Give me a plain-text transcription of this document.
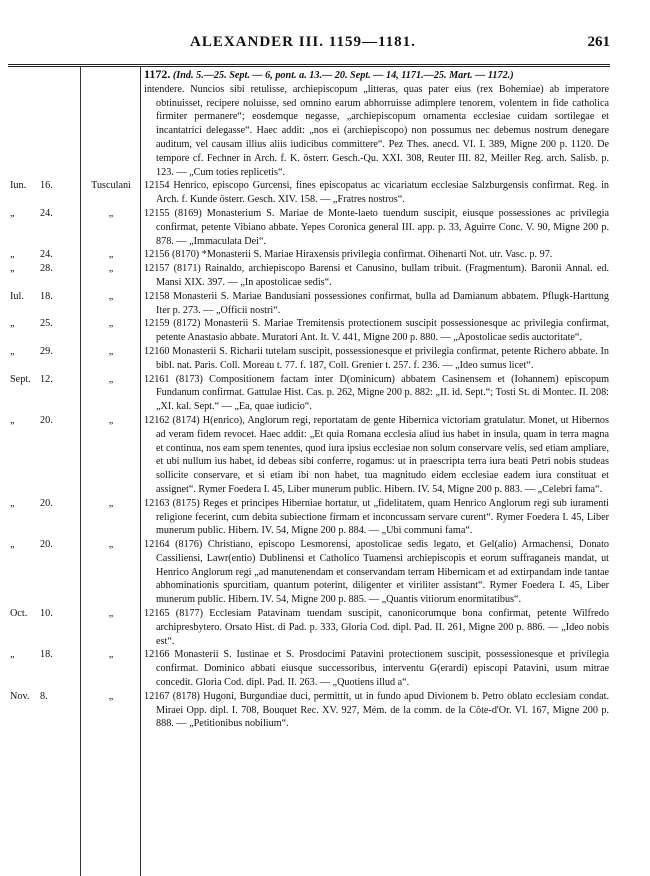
ALEXANDER III. 1159—1181.	261
1172. (Ind. 5.—25. Sept. — 6, pont. a. 13.— 20. Sept. — 14, 1171.—25. Mart. — 1172.)
intendere. Nuncios sibi retulisse, archiepiscopum „litteras, quas pater eius (rex Bohemiae) ab imperatore obtinuisset, recipere noluisse, sed omnino earum abhorruisse adimplere tenorem, volentem in fide catholica firmiter permanere“; eosdemque negasse, „archiepiscopum ornamenta ecclesiae cuidam sortilegae et incantatrici delegasse“. Haec addit: „nos ei (archiepiscopo) non possumus nec debemus nostrum denegare auditum, vel causam illius aliis iudicibus committere“. Pez Thes. anecd. VI. I. 389, Migne 200 p. 1120. De tempore cf. Fechner in Arch. f. K. österr. Gesch.-Qu. XXI. 308, Reuter III. 82, Meiller Reg. arch. Salisb. p. 123. — „Cum toties replicetis“.
Iun. 16.	Tusculani	12154 Henrico, episcopo Gurcensi, fines episcopatus ac vicariatum ecclesiae Salzburgensis confirmat. Reg. in Arch. f. Kunde österr. Gesch. XIV. 158. — „Fratres nostros“.
„ 24.	„	12155 (8169) Monasterium S. Mariae de Monte-laeto tuendum suscipit, eiusque possessiones ac privilegia confirmat, petente Vibiano abbate. Yepes Coronica general III. app. p. 33, Aguirre Conc. V. 90, Migne 200 p. 878. — „Immaculata Dei“.
„ 24.	„	12156 (8170) *Monasterii S. Mariae Hiraxensis privilegia confirmat. Oihenarti Not. utr. Vasc. p. 97.
„ 28.	„	12157 (8171) Rainaldo, archiepiscopo Barensi et Canusino, bullam tribuit. (Fragmentum). Baronii Annal. ed. Mansi XIX. 397. — „In apostolicae sedis“.
Iul. 18.	„	12158 Monasterii S. Mariae Bandusiani possessiones confirmat, bulla ad Damianum abbatem. Pflugk-Harttung Iter p. 273. — „Officii nostri“.
„ 25.	„	12159 (8172) Monasterii S. Mariae Tremitensis protectionem suscipit possessionesque ac privilegia confirmat, petente Anastasio abbate. Muratori Ant. It. V. 441, Migne 200 p. 880. — „Apostolicae sedis auctoritate“.
„ 29.	„	12160 Monasterii S. Richarii tutelam suscipit, possessionesque et privilegia confirmat, petente Richero abbate. In bibl. nat. Paris. Coll. Moreau t. 77. f. 187, Coll. Grenier t. 257. f. 236. — „Ideo sumus licet“.
Sept. 12.	„	12161 (8173) Compositionem factam inter D(ominicum) abbatem Casinensem et (Iohannem) episcopum Fundanum confirmat. Gattulae Hist. Cas. p. 262, Migne 200 p. 882: „II. id. Sept.“; Tosti St. di Montec. II. 208: „XI. kal. Sept.“ — „Ea, quae iudicio“.
„ 20.	„	12162 (8174) H(enrico), Anglorum regi, reportatam de gente Hibernica victoriam gratulatur. Monet, ut Hibernos ad veram fidem revocet. Haec addit: „Et quia Romana ecclesia aliud ius habet in insula, quam in terra magna et continua, nos eam spem tenentes, quod iura ipsius ecclesiae non solum conservare velis, sed etiam ampliare, et ubi nullum ius habet, id debeas sibi conferre, rogamus: ut in praescripta terra iura beati Petri nobis studeas sollicite conservare, et si etiam ibi non habet, tua magnitudo eidem ecclesiae eadem iura constituat et assignet“. Rymer Foedera I. 45, Liber munerum public. Hibern. IV. 54, Migne 200 p. 883. — „Celebri fama“.
„ 20.	„	12163 (8175) Reges et principes Hiberniae hortatur, ut „fidelitatem, quam Henrico Anglorum regi sub iuramenti religione fecerint, cum debita subiectione firmam et inconcussam servare curent“. Rymer Foedera I. 45, Liber munerum public. Hibern. IV. 54, Migne 200 p. 884. — „Ubi communi fama“.
„ 20.	„	12164 (8176) Christiano, episcopo Lesmorensi, apostolicae sedis legato, et Gel(alio) Armachensi, Donato Cassiliensi, Lawr(entio) Dublinensi et Catholico Tuamensi archiepiscopis et eorum suffraganeis mandat, ut Henrico Anglorum regi „ad manutenendam et conservandam terram Hibernicam et ad extirpandam inde tantae abhominationis spurcitiam, quantum poterint, diligenter et viriliter assistant“. Rymer Foedera I. 45, Liber munerum public. Hibern. IV. 54, Migne 200 p. 885. — „Quantis vitiorum enormitatibus“.
Oct. 10.	„	12165 (8177) Ecclesiam Patavinam tuendam suscipit, canonicorumque bona confirmat, petente Wilfredo archipresbytero. Orsato Hist. di Pad. p. 333, Gloria Cod. dipl. Pad. II. 261, Migne 200 p. 886. — „Ideo nobis est“.
„ 18.	„	12166 Monasterii S. Iustinae et S. Prosdocimi Patavini protectionem suscipit, possessionesque et privilegia confirmat. Dominico abbati eiusque successoribus, interventu G(erardi) episcopi Patavini, usum mitrae concedit. Gloria Cod. dipl. Pad. II. 263. — „Quotiens illud a“.
Nov. 8.	„	12167 (8178) Hugoni, Burgundiae duci, permittit, ut in fundo apud Divionem b. Petro oblato ecclesiam condat. Miraei Opp. dipl. I. 708, Bouquet Rec. XV. 927, Mém. de la comm. de la Côte-d'Or. VI. 167, Migne 200 p. 888. — „Petitionibus nobilium“.
